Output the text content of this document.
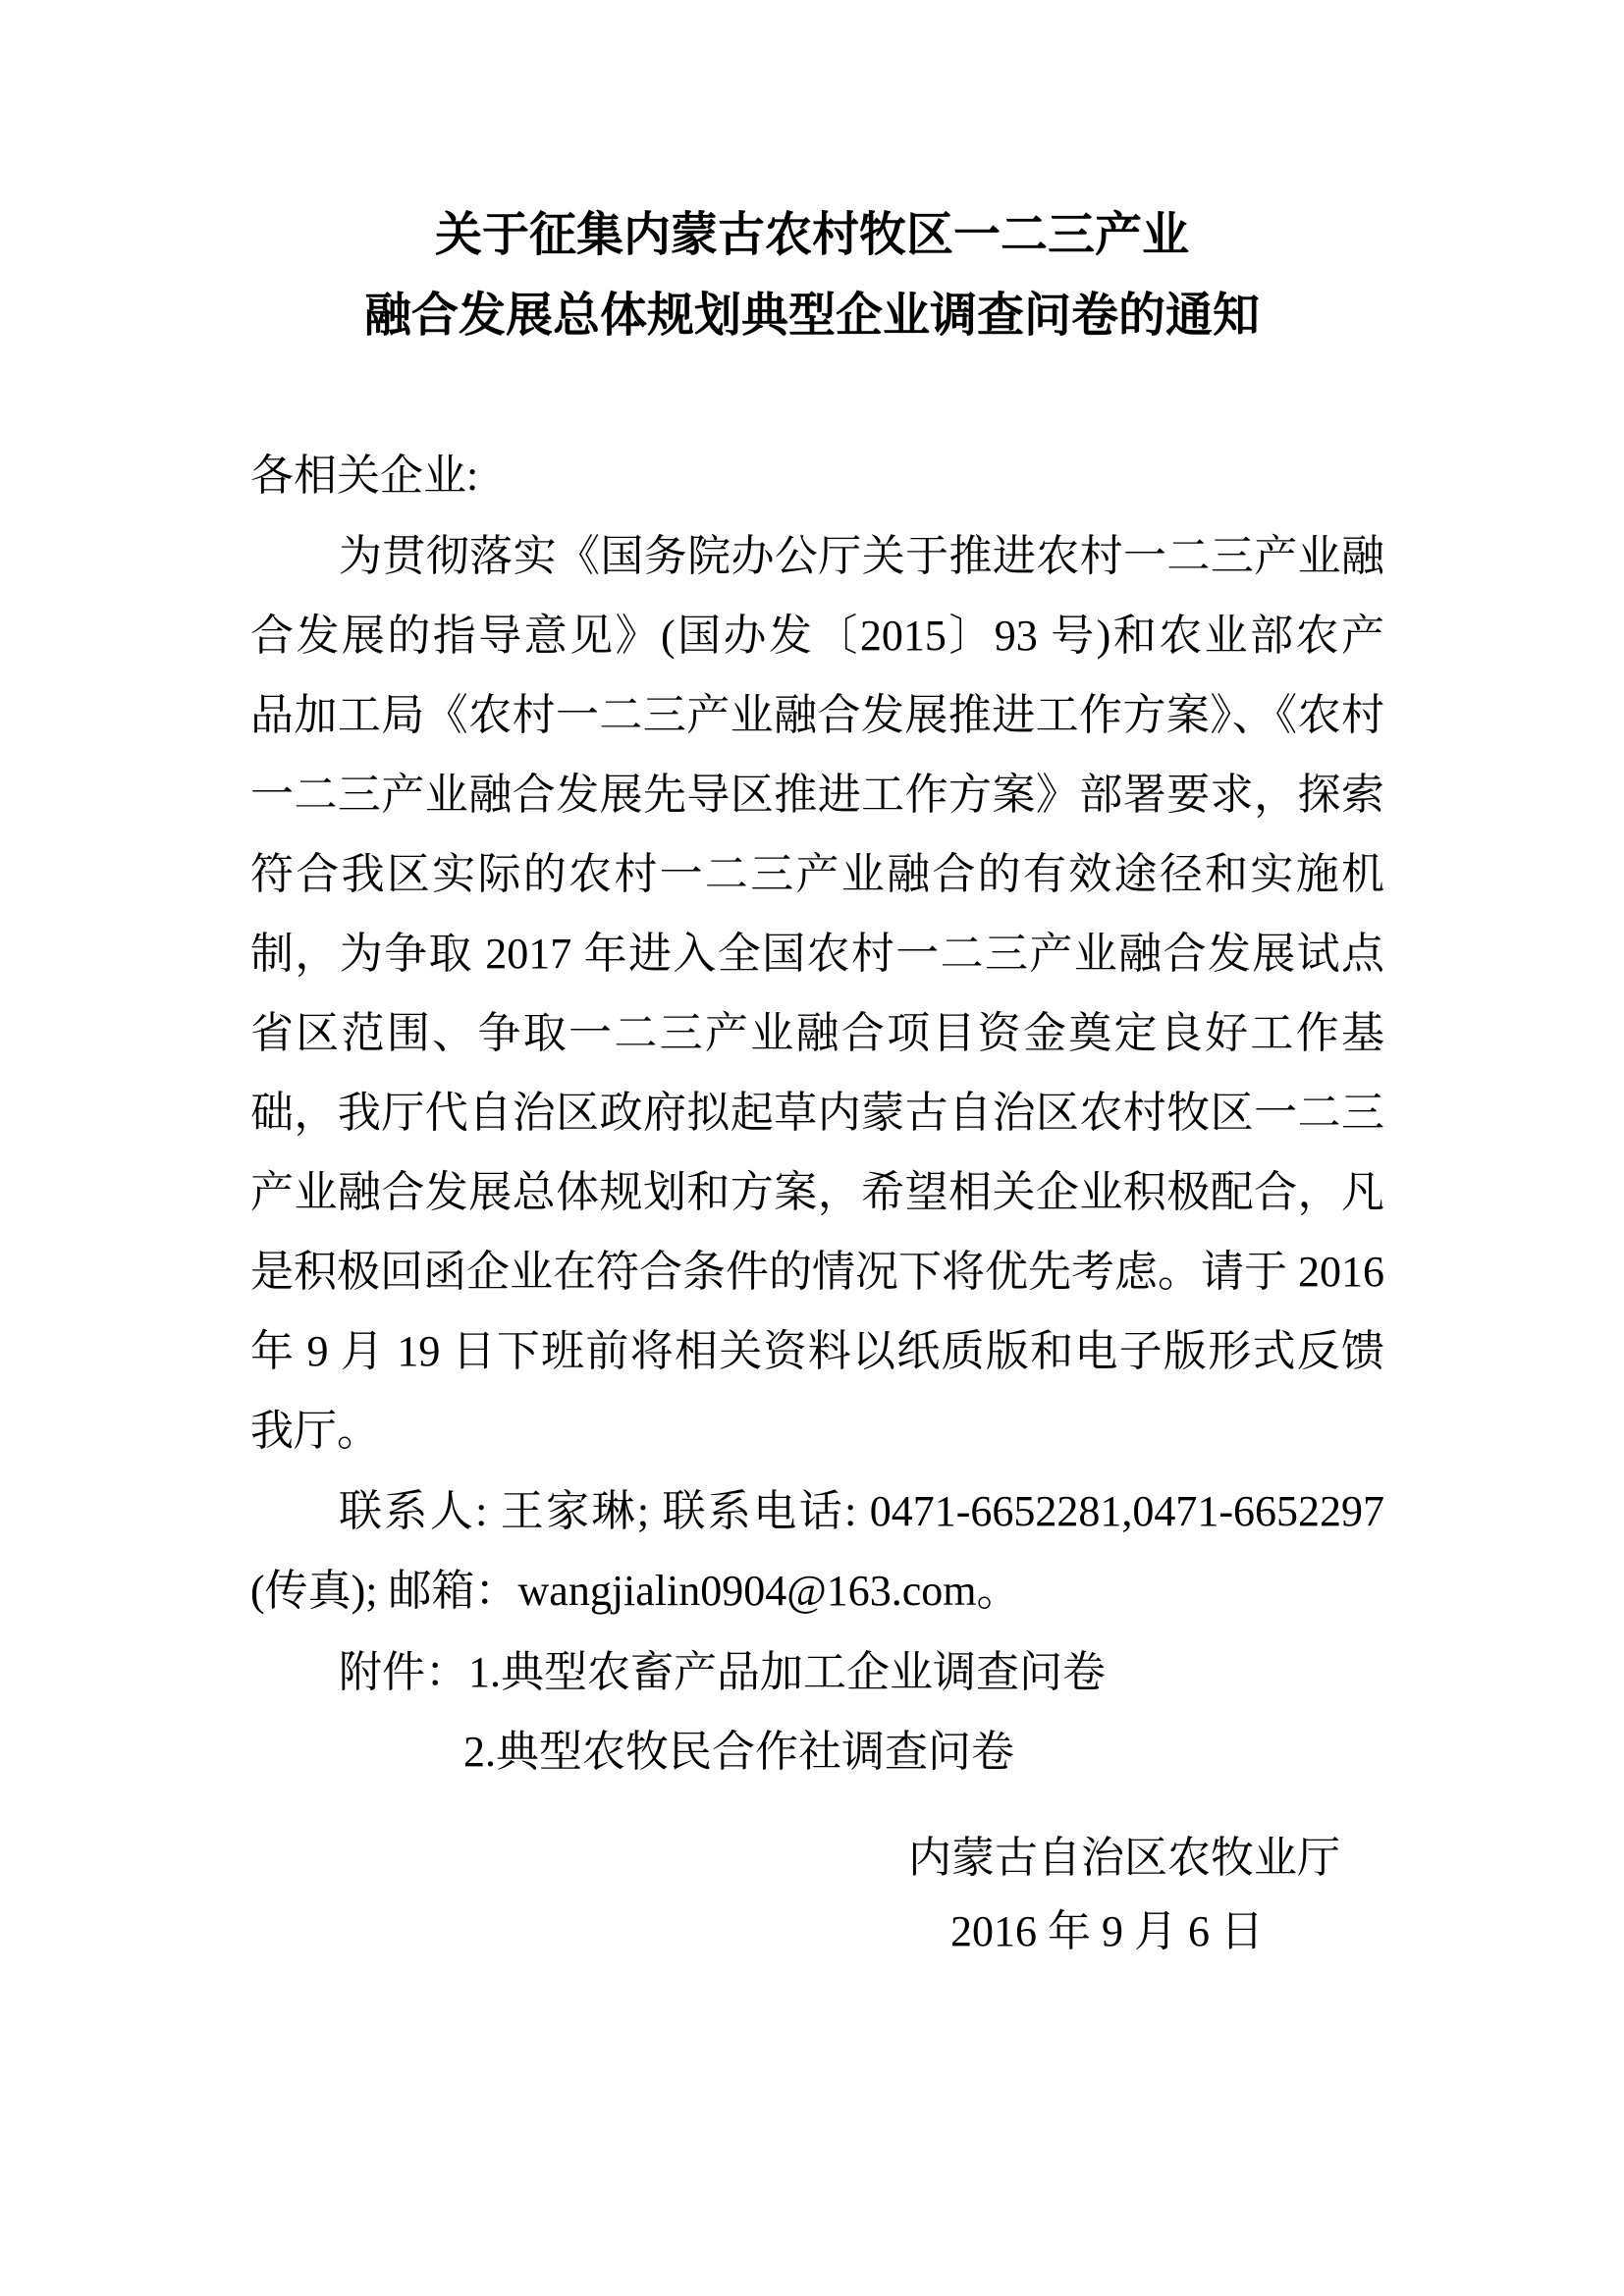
关于征集内蒙古农村牧区一二三产业
融合发展总体规划典型企业调查问卷的通知
各相关企业:
为贯彻落实《国务院办公厅关于推进农村一二三产业融
合发展的指导意见》(国办发〔2015〕93 号)和农业部农产
品加工局《农村一二三产业融合发展推进工作方案》、《农村
一二三产业融合发展先导区推进工作方案》部署要求，探索
符合我区实际的农村一二三产业融合的有效途径和实施机
制，为争取 2017 年进入全国农村一二三产业融合发展试点
省区范围、争取一二三产业融合项目资金奠定良好工作基
础，我厅代自治区政府拟起草内蒙古自治区农村牧区一二三
产业融合发展总体规划和方案，希望相关企业积极配合，凡
是积极回函企业在符合条件的情况下将优先考虑。请于 2016
年 9 月 19 日下班前将相关资料以纸质版和电子版形式反馈
我厅。
联系人: 王家琳; 联系电话: 0471-6652281,0471-6652297
(传真); 邮箱：wangjialin0904@163.com。
附件：1.典型农畜产品加工企业调查问卷
2.典型农牧民合作社调查问卷
内蒙古自治区农牧业厅
2016 年 9 月 6 日
